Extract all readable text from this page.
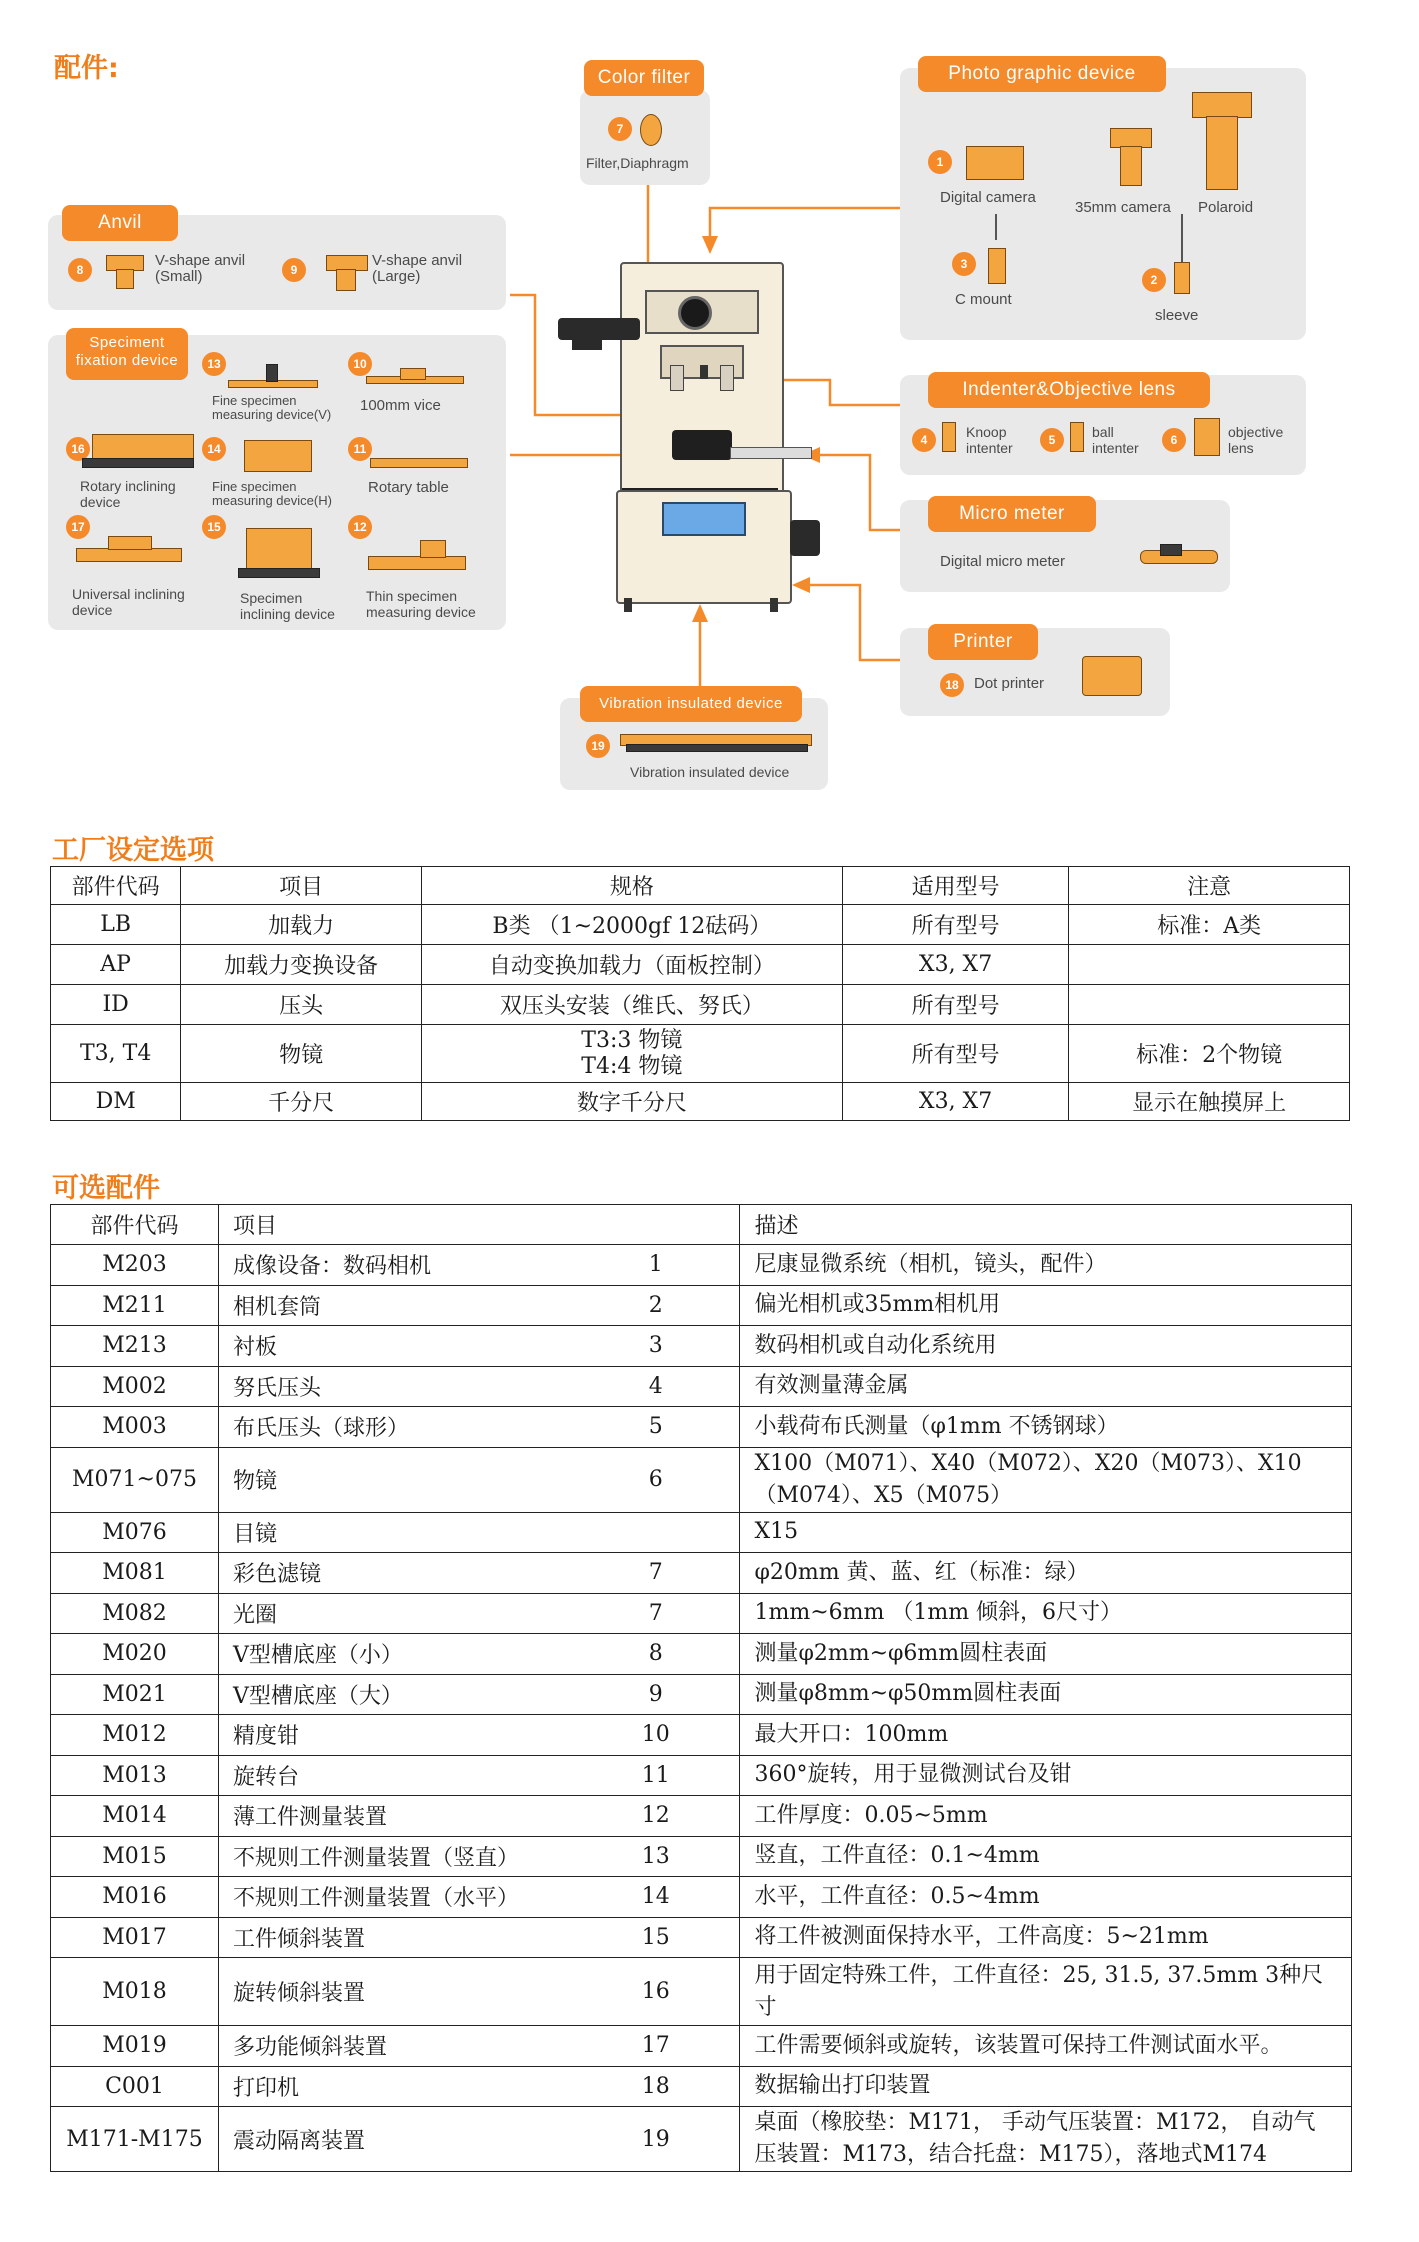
配件:	Color filter
7
Filter,Diaphragm
Anvil
8
V-shape anvil
(Small)	9
V-shape anvil
(Large)
Speciment
fixation device	13
Fine specimen
measuring device(V)
10
100mm vice
16
Rotary inclining
device
14
Fine specimen
measuring device(H)
11
Rotary table
17
Universal inclining
device
15
Specimen
inclining device
12
Thin specimen
measuring device
Photo graphic device
1
Digital camera
35mm camera Polaroid
3
C mount
2
sleeve
Indenter&Objective lens
4	Knoop
intenter	5	ball
intenter	6	objective
lens
Micro meter
Digital micro meter
Printer
18	Dot printer
Vibration insulated device
19
Vibration insulated device
工厂设定选项
部件代码	项目	规格	适用型号	注意
LB	加载力	B类 （1~2000gf 12砝码）	所有型号	标准：A类
AP	加载力变换设备	自动变换加载力（面板控制）	X3, X7	
ID	压头	双压头安装（维氏、努氏）	所有型号	
T3, T4	物镜	T3:3 物镜
T4:4 物镜	所有型号	标准：2个物镜
DM	千分尺	数字千分尺	X3, X7	显示在触摸屏上
可选配件
部件代码	项目		描述
M203	成像设备：数码相机	1	尼康显微系统（相机，镜头，配件）
M211	相机套筒	2	偏光相机或35mm相机用
M213	衬板	3	数码相机或自动化系统用
M002	努氏压头	4	有效测量薄金属
M003	布氏压头（球形）	5	小载荷布氏测量（φ1mm 不锈钢球）
M071~075	物镜	6	X100（M071）、X40（M072）、X20（M073）、X10
（M074）、X5（M075）
M076	目镜		X15
M081	彩色滤镜	7	φ20mm 黄、蓝、红（标准：绿）
M082	光圈	7	1mm~6mm （1mm 倾斜，6尺寸）
M020	V型槽底座（小）	8	测量φ2mm~φ6mm圆柱表面
M021	V型槽底座（大）	9	测量φ8mm~φ50mm圆柱表面
M012	精度钳	10	最大开口：100mm
M013	旋转台	11	360°旋转，用于显微测试台及钳
M014	薄工件测量装置	12	工件厚度：0.05~5mm
M015	不规则工件测量装置（竖直）	13	竖直，工件直径：0.1~4mm
M016	不规则工件测量装置（水平）	14	水平，工件直径：0.5~4mm
M017	工件倾斜装置	15	将工件被测面保持水平，工件高度：5~21mm
M018	旋转倾斜装置	16	用于固定特殊工件，工件直径：25, 31.5, 37.5mm 3种尺寸
M019	多功能倾斜装置	17	工件需要倾斜或旋转，该装置可保持工件测试面水平。
C001	打印机	18	数据输出打印装置
M171-M175	震动隔离装置	19	桌面（橡胶垫：M171， 手动气压装置：M172， 自动气
压装置：M173，结合托盘：M175），落地式M174
